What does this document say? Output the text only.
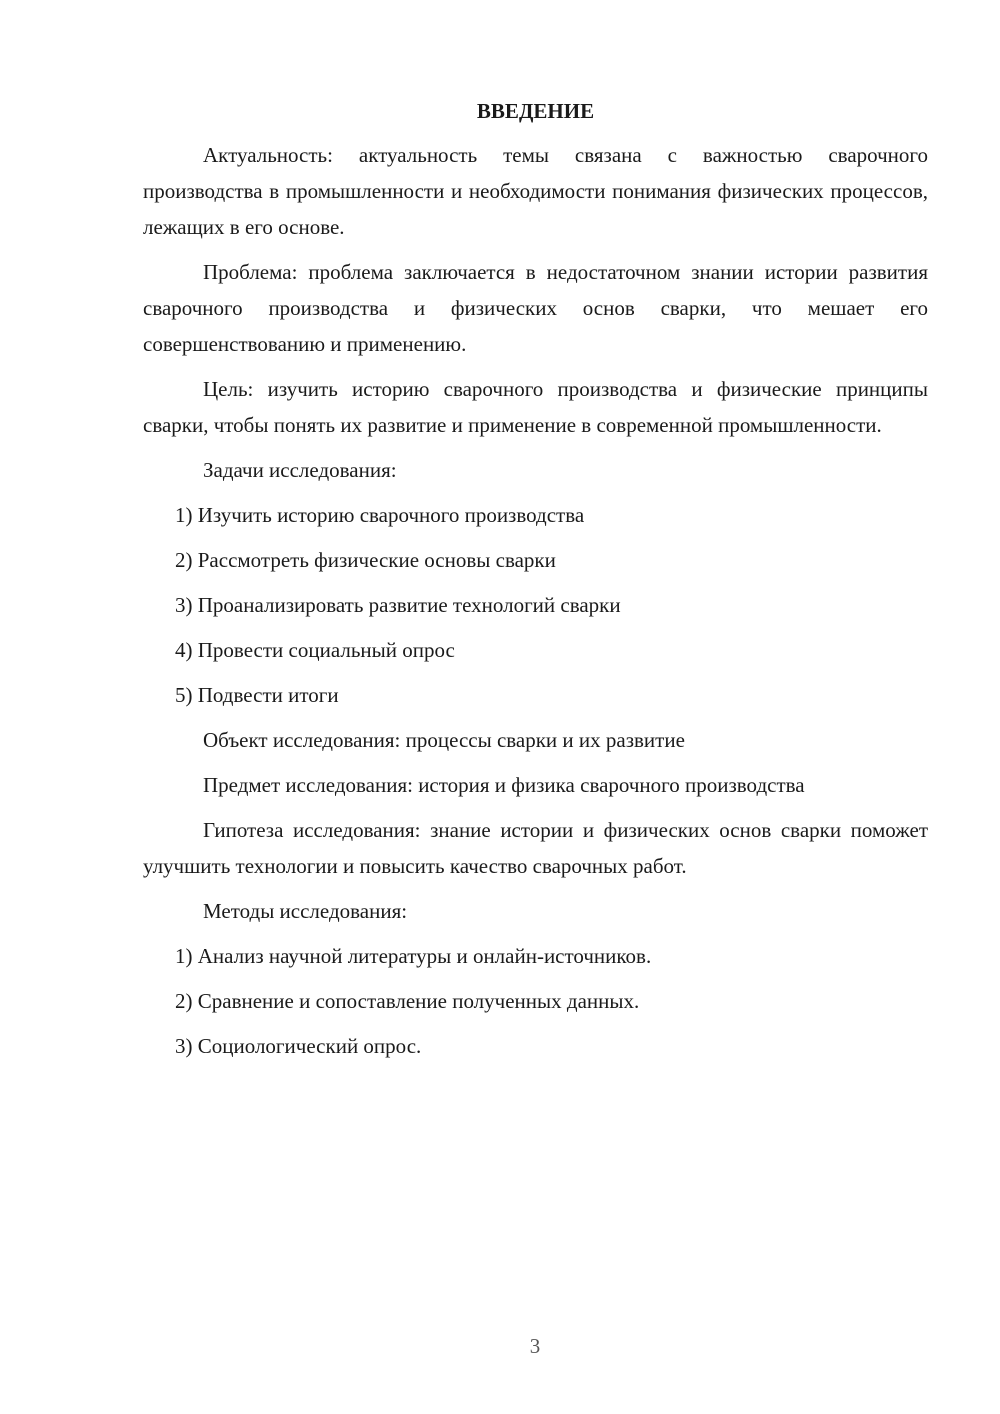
ВВЕДЕНИЕ

Актуальность: актуальность темы связана с важностью сварочного производства в промышленности и необходимости понимания физических процессов, лежащих в его основе.

Проблема: проблема заключается в недостаточном знании истории развития сварочного производства и физических основ сварки, что мешает его совершенствованию и применению.

Цель: изучить историю сварочного производства и физические принципы сварки, чтобы понять их развитие и применение в современной промышленности.

Задачи исследования:

1) Изучить историю сварочного производства
2) Рассмотреть физические основы сварки
3) Проанализировать развитие технологий сварки
4) Провести социальный опрос
5) Подвести итоги

Объект исследования: процессы сварки и их развитие

Предмет исследования: история и физика сварочного производства

Гипотеза исследования: знание истории и физических основ сварки поможет улучшить технологии и повысить качество сварочных работ.

Методы исследования:

1) Анализ научной литературы и онлайн-источников.
2) Сравнение и сопоставление полученных данных.
3) Социологический опрос.
3
